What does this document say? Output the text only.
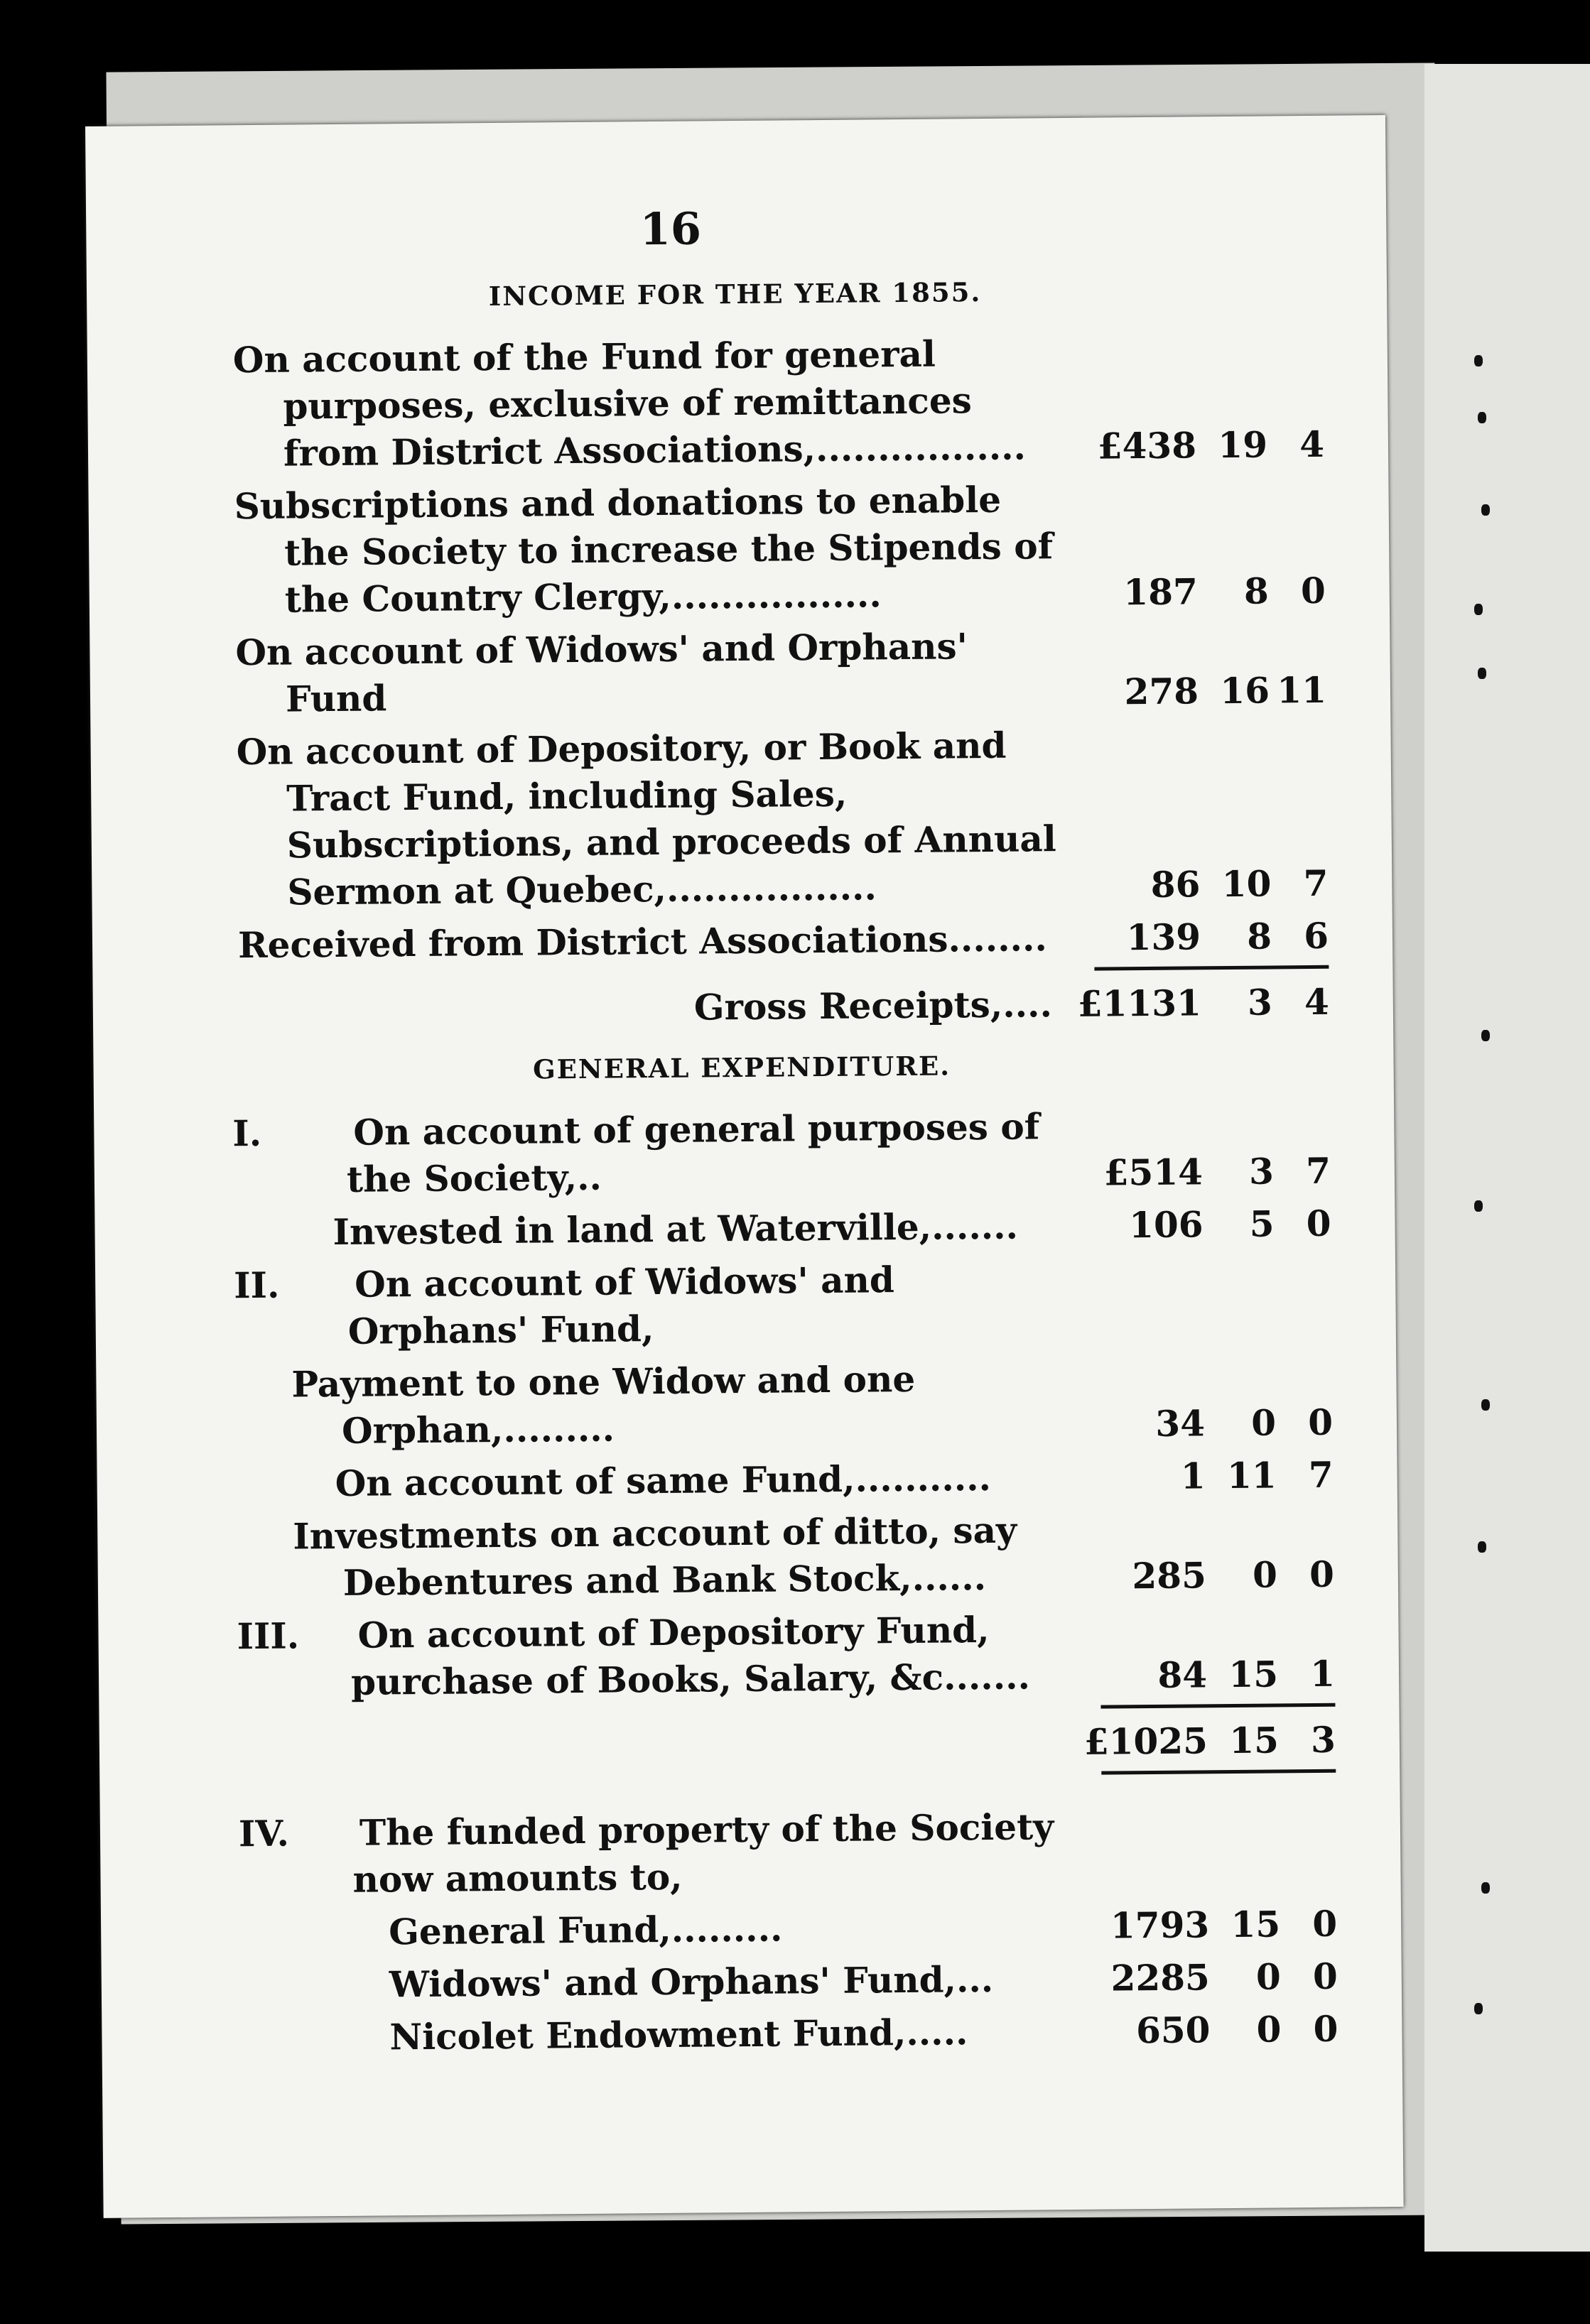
16
INCOME FOR THE YEAR 1855.
On account of the Fund for general purposes, exclusive of remittances from District Associations,.................	£438 19 4
Subscriptions and donations to enable the Society to increase the Stipends of the Country Clergy,.................	187	8 0
On account of Widows' and Orphans' Fund	278 16 11
On account of Depository, or Book and Tract Fund, including Sales, Subscriptions, and proceeds of Annual Sermon at Quebec,.................	86 10 7
Received from District Associations........	139	8 6
Gross Receipts,.... £1131	3 4
GENERAL EXPENDITURE.
I.	On account of general purposes of the Society,..	£514	3 7
Invested in land at Waterville,.......	106	5 0
II. On account of Widows' and Orphans' Fund,
Payment to one Widow and one Orphan,.........	34	0 0
On account of same Fund,...........	1 11 7
Investments on account of ditto, say Debentures and Bank Stock,......	285	0 0
III. On account of Depository Fund, purchase of Books, Salary, &c.......	84 15 1
£1025 15 3
IV. The funded property of the Society now amounts to,
General Fund,.........	1793 15 0
Widows' and Orphans' Fund,...	2285	0 0
Nicolet Endowment Fund,.....	650	0 0
